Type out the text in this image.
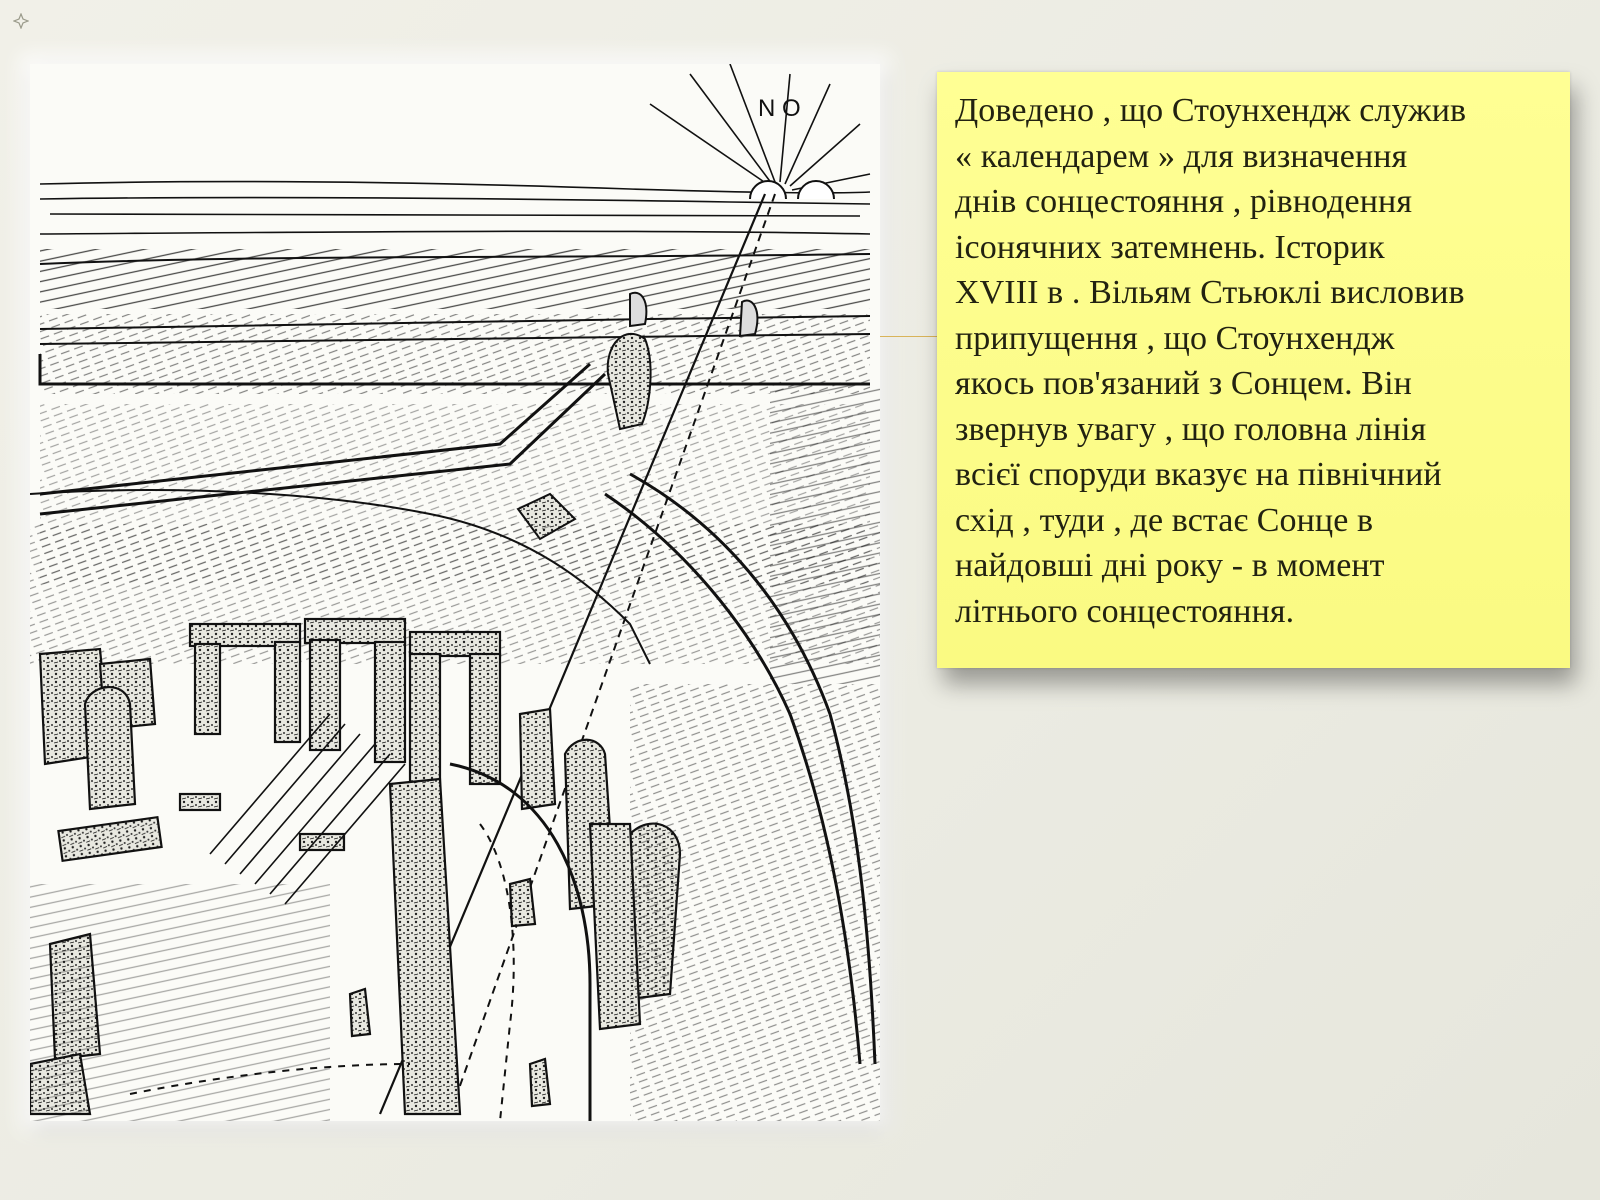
N O	Доведено , що Стоунхендж служив
« календарем » для визначення
днів сонцестояння , рівнодення
ісонячних затемнень. Історик
XVIII в . Вільям Стьюклі висловив
припущення , що Стоунхендж
якось пов'язаний з Сонцем. Він
звернув увагу , що головна лінія
всієї споруди вказує на північний
схід , туди , де встає Сонце в
найдовші дні року - в момент
літнього сонцестояння.
